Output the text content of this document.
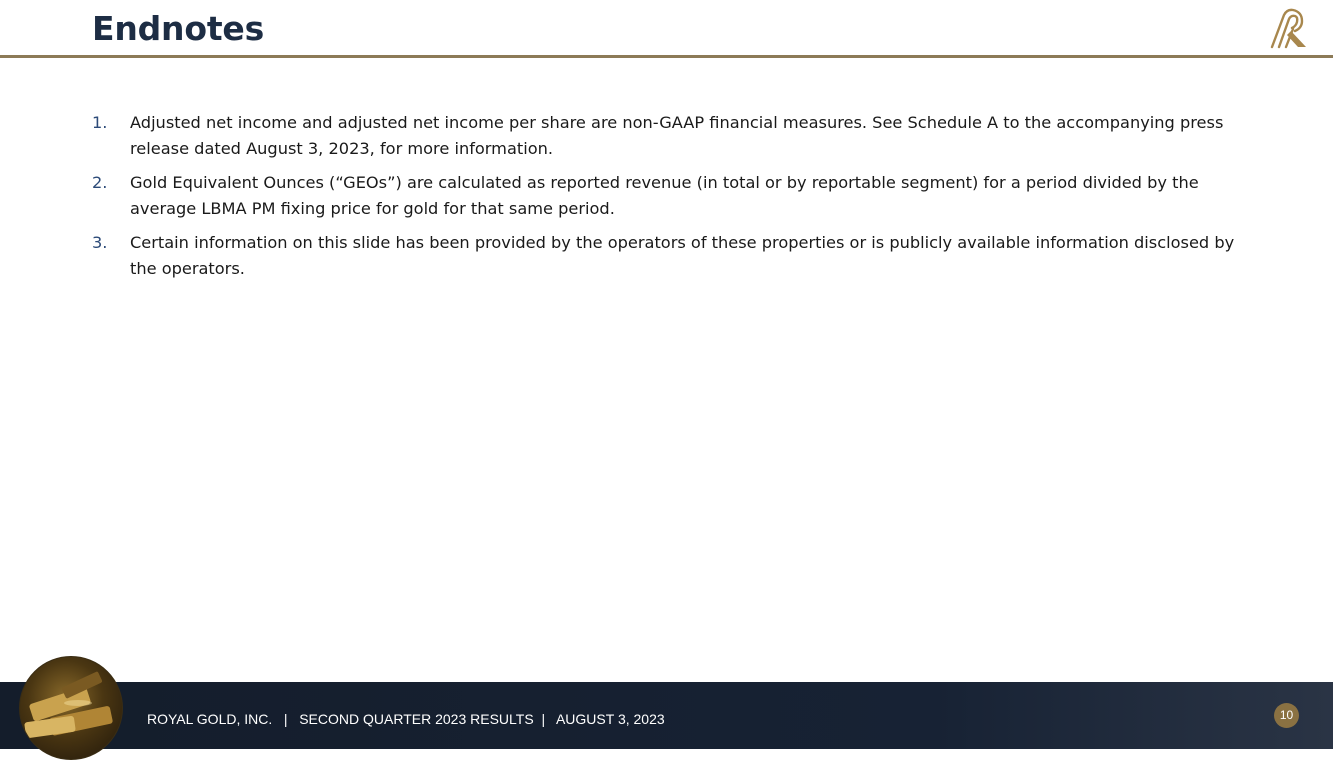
Endnotes
1. Adjusted net income and adjusted net income per share are non-GAAP financial measures. See Schedule A to the accompanying press release dated August 3, 2023, for more information.
2. Gold Equivalent Ounces (“GEOs”) are calculated as reported revenue (in total or by reportable segment) for a period divided by the average LBMA PM fixing price for gold for that same period.
3. Certain information on this slide has been provided by the operators of these properties or is publicly available information disclosed by the operators.
ROYAL GOLD, INC.   |   SECOND QUARTER 2023 RESULTS  |   AUGUST 3, 2023	10
